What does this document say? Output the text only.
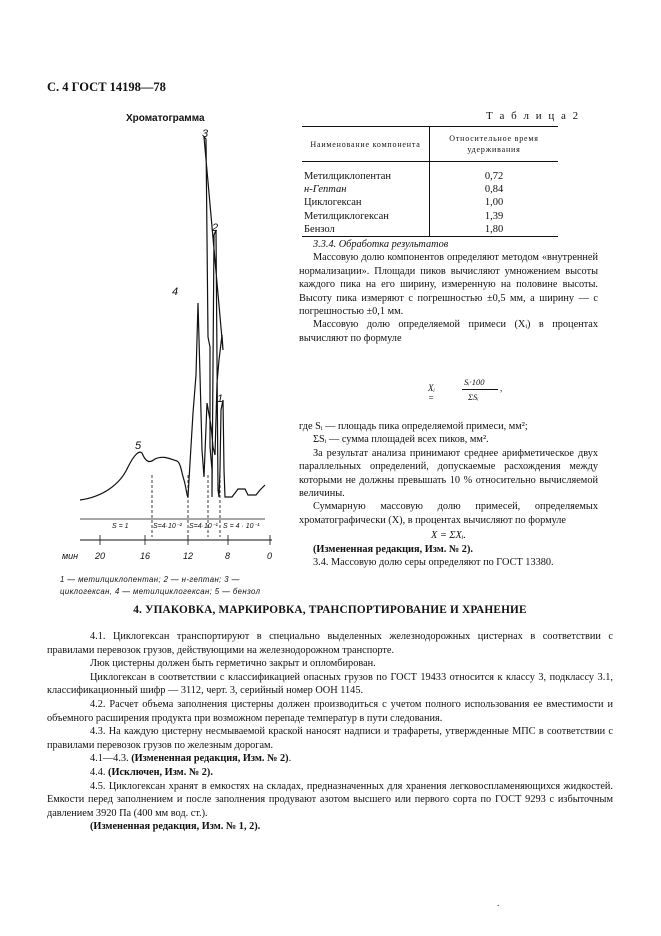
С. 4 ГОСТ 14198—78
Хроматограмма
3
2
4
1
5
S = 1	S=4·10⁻² S=4·10⁻¹ S = 4 · 10⁻¹
мин 20	16	12	8	0
1 — метилциклопентан; 2 — н-гептан; 3 — циклогексан, 4 — метилциклогексан; 5 — бензол
Т а б л и ц а 2
Наименование компонента	Относительное время удерживания
Метилциклопентан	0,72
н-Гептан	0,84
Циклогексан	1,00
Метилциклогексан	1,39
Бензол	1,80

3.3.4. Обработка результатов

Массовую долю компонентов определяют методом «внутренней нормализации». Площади пиков вычисляют умножением высоты каждого пика на его ширину, измеренную на половине высоты. Высоту пика измеряют с погрешностью ±0,5 мм, а ширину — с погрешностью ±0,1 мм.

Массовую долю определяемой примеси (Xᵢ) в процентах вычисляют по формуле

Xᵢ =
Sᵢ·100
ΣSᵢ
,

где Sᵢ — площадь пика определяемой примеси, мм²;

ΣSᵢ — сумма площадей всех пиков, мм².

За результат анализа принимают среднее арифметическое двух параллельных определений, допускаемые расхождения между которыми не должны превышать 10 % относительно вычисляемой величины.

Суммарную массовую долю примесей, определяемых хроматографически (X), в процентах вычисляют по формуле

X = ΣXᵢ.

(Измененная редакция, Изм. № 2).

3.4. Массовую долю серы определяют по ГОСТ 13380.

4. УПАКОВКА, МАРКИРОВКА, ТРАНСПОРТИРОВАНИЕ И ХРАНЕНИЕ

4.1. Циклогексан транспортируют в специально выделенных железнодорожных цистернах в соответствии с правилами перевозок грузов, действующими на железнодорожном транспорте.

Люк цистерны должен быть герметично закрыт и опломбирован.

Циклогексан в соответствии с классификацией опасных грузов по ГОСТ 19433 относится к классу 3, подклассу 3.1, классификационный шифр — 3112, черт. 3, серийный номер ООН 1145.

4.2. Расчет объема заполнения цистерны должен производиться с учетом полного использования ее вместимости и объемного расширения продукта при возможном перепаде температур в пути следования.

4.3. На каждую цистерну несмываемой краской наносят надписи и трафареты, утвержденные МПС в соответствии с правилами перевозок грузов по железным дорогам.

4.1—4.3. (Измененная редакция, Изм. № 2).

4.4. (Исключен, Изм. № 2).

4.5. Циклогексан хранят в емкостях на складах, предназначенных для хранения легковоспламеняющихся жидкостей. Емкости перед заполнением и после заполнения продувают азотом высшего или первого сорта по ГОСТ 9293 с избыточным давлением 3920 Па (400 мм вод. ст.).

(Измененная редакция, Изм. № 1, 2).

.
